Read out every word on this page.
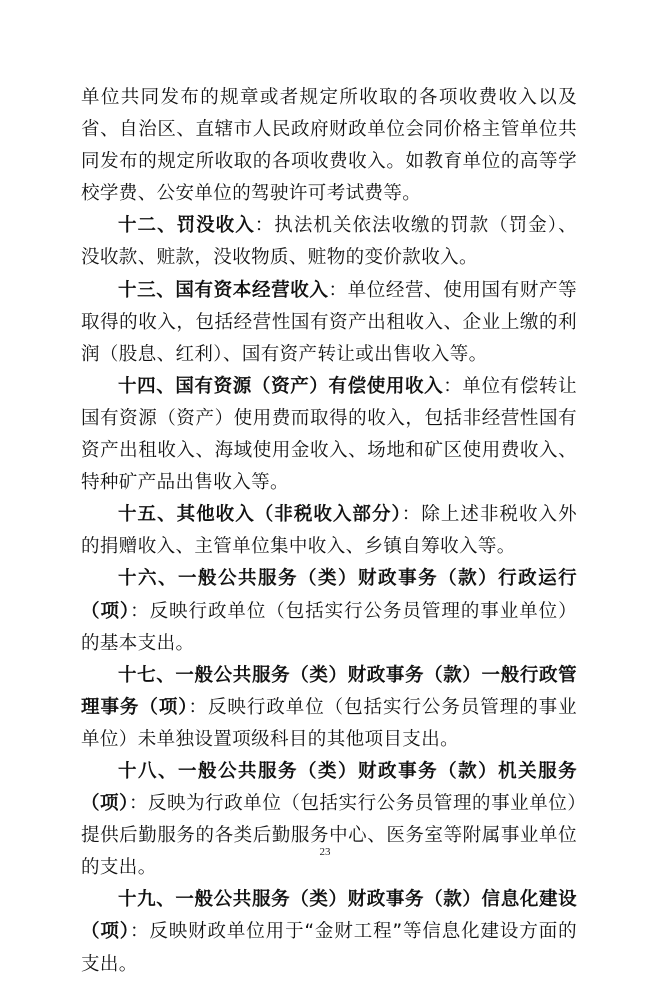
单位共同发布的规章或者规定所收取的各项收费收入以及省、自治区、直辖市人民政府财政单位会同价格主管单位共同发布的规定所收取的各项收费收入。如教育单位的高等学校学费、公安单位的驾驶许可考试费等。

十二、罚没收入：执法机关依法收缴的罚款（罚金）、没收款、赃款，没收物质、赃物的变价款收入。

十三、国有资本经营收入：单位经营、使用国有财产等取得的收入，包括经营性国有资产出租收入、企业上缴的利润（股息、红利）、国有资产转让或出售收入等。

十四、国有资源（资产）有偿使用收入：单位有偿转让国有资源（资产）使用费而取得的收入，包括非经营性国有资产出租收入、海域使用金收入、场地和矿区使用费收入、特种矿产品出售收入等。

十五、其他收入（非税收入部分）：除上述非税收入外的捐赠收入、主管单位集中收入、乡镇自筹收入等。

十六、一般公共服务（类）财政事务（款）行政运行（项）：反映行政单位（包括实行公务员管理的事业单位）的基本支出。

十七、一般公共服务（类）财政事务（款）一般行政管理事务（项）：反映行政单位（包括实行公务员管理的事业单位）未单独设置项级科目的其他项目支出。

十八、一般公共服务（类）财政事务（款）机关服务（项）：反映为行政单位（包括实行公务员管理的事业单位）提供后勤服务的各类后勤服务中心、医务室等附属事业单位的支出。

十九、一般公共服务（类）财政事务（款）信息化建设（项）：反映财政单位用于“金财工程”等信息化建设方面的支出。

23
